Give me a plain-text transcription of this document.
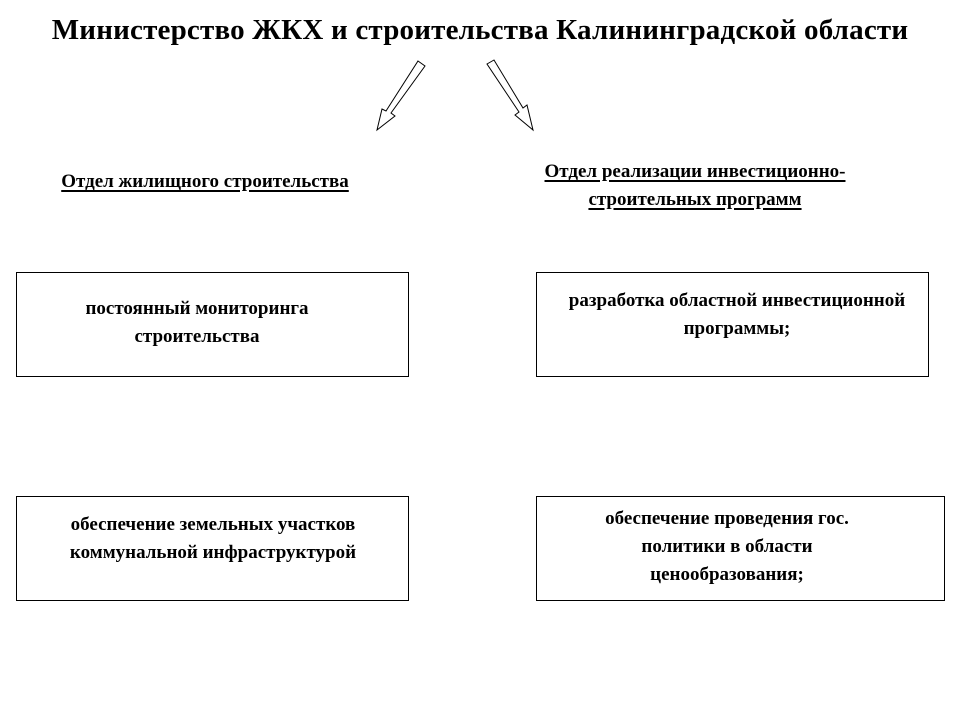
Министерство ЖКХ и строительства Калининградской области
Отдел жилищного строительства	Отдел реализации инвестиционно-
строительных программ
постоянный мониторинга строительства
разработка областной инвестиционной программы;
обеспечение земельных участков коммунальной инфраструктурой
обеспечение проведения гос. политики в области ценообразования;
